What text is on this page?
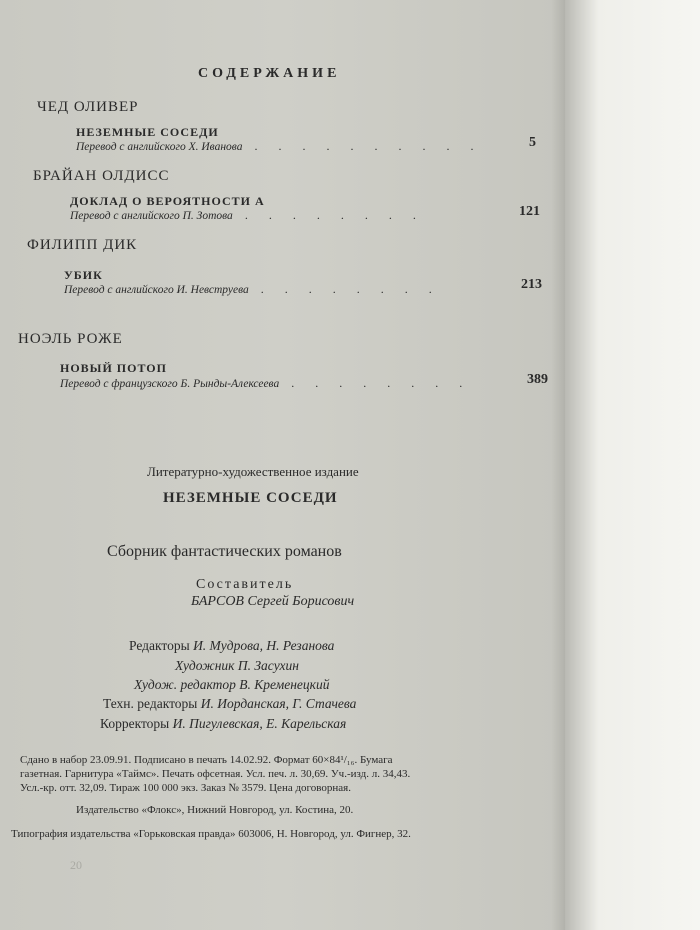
СОДЕРЖАНИЕ
ЧЕД ОЛИВЕР
НЕЗЕМНЫЕ СОСЕДИ
Перевод с английского Х. Иванова . . . . . . . . . .	5
БРАЙАН ОЛДИСС
ДОКЛАД О ВЕРОЯТНОСТИ А
Перевод с английского П. Зотова . . . . . . . .	121
ФИЛИПП ДИК
УБИК
Перевод с английского И. Невструева . . . . . . . .	213
НОЭЛЬ РОЖЕ
НОВЫЙ ПОТОП
Перевод с французского Б. Рынды-Алексеева . . . . . . . .	389
Литературно-художественное издание
НЕЗЕМНЫЕ СОСЕДИ
Сборник фантастических романов
Составитель
БАРСОВ Сергей Борисович
Редакторы И. Мудрова, Н. Резанова
Художник П. Засухин
Худож. редактор В. Кременецкий
Техн. редакторы И. Иорданская, Г. Стачева
Корректоры И. Пигулевская, Е. Карельская
Сдано в набор 23.09.91. Подписано в печать 14.02.92. Формат 60×84¹/₁₆. Бумага
газетная. Гарнитура «Таймс». Печать офсетная. Усл. печ. л. 30,69. Уч.-изд. л. 34,43.
Усл.-кр. отт. 32,09. Тираж 100 000 экз. Заказ № 3579. Цена договорная.
Издательство «Флокс», Нижний Новгород, ул. Костина, 20.
Типография издательства «Горьковская правда» 603006, Н. Новгород, ул. Фигнер, 32.
20
